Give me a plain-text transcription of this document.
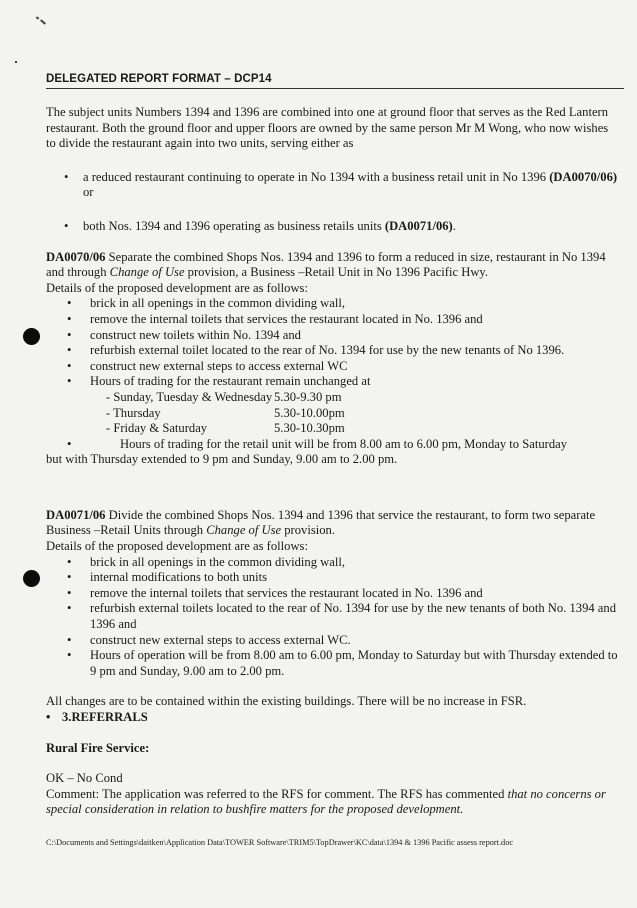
DELEGATED REPORT FORMAT – DCP14

The subject units Numbers 1394 and 1396 are combined into one at ground floor that serves as the Red Lantern restaurant. Both the ground floor and upper floors are owned by the same person Mr M Wong, who now wishes to divide the restaurant again into two units, serving either as

• a reduced restaurant continuing to operate in No 1394 with a business retail unit in No 1396 (DA0070/06) or
• both Nos. 1394 and 1396 operating as business retails units (DA0071/06).

DA0070/06 Separate the combined Shops Nos. 1394 and 1396 to form a reduced in size, restaurant in No 1394 and through Change of Use provision, a Business –Retail Unit in No 1396 Pacific Hwy.

Details of the proposed development are as follows:

• brick in all openings in the common dividing wall,
• remove the internal toilets that services the restaurant located in No. 1396 and
• construct new toilets within No. 1394 and
• refurbish external toilet located to the rear of No. 1394 for use by the new tenants of No 1396.
• construct new external steps to access external WC
• Hours of trading for the restaurant remain unchanged at
- Sunday, Tuesday & Wednesday 5.30-9.30 pm
- Thursday	5.30-10.00pm
- Friday & Saturday	5.30-10.30pm
• Hours of trading for the retail unit will be from 8.00 am to 6.00 pm, Monday to Saturday

but with Thursday extended to 9 pm and Sunday, 9.00 am to 2.00 pm.

DA0071/06 Divide the combined Shops Nos. 1394 and 1396 that service the restaurant, to form two separate Business –Retail Units through Change of Use provision.

Details of the proposed development are as follows:

• brick in all openings in the common dividing wall,
• internal modifications to both units
• remove the internal toilets that services the restaurant located in No. 1396 and
• refurbish external toilets located to the rear of No. 1394 for use by the new tenants of both No. 1394 and 1396 and
• construct new external steps to access external WC.
• Hours of operation will be from 8.00 am to 6.00 pm, Monday to Saturday but with Thursday extended to 9 pm and Sunday, 9.00 am to 2.00 pm.

All changes are to be contained within the existing buildings. There will be no increase in FSR.

• 3.REFERRALS

Rural Fire Service:

OK – No Cond

Comment: The application was referred to the RFS for comment. The RFS has commented that no concerns or special consideration in relation to bushfire matters for the proposed development.

C:\Documents and Settings\daitken\Application Data\TOWER Software\TRIM5\TopDrawer\KC\data\1394 & 1396 Pacific assess report.doc
